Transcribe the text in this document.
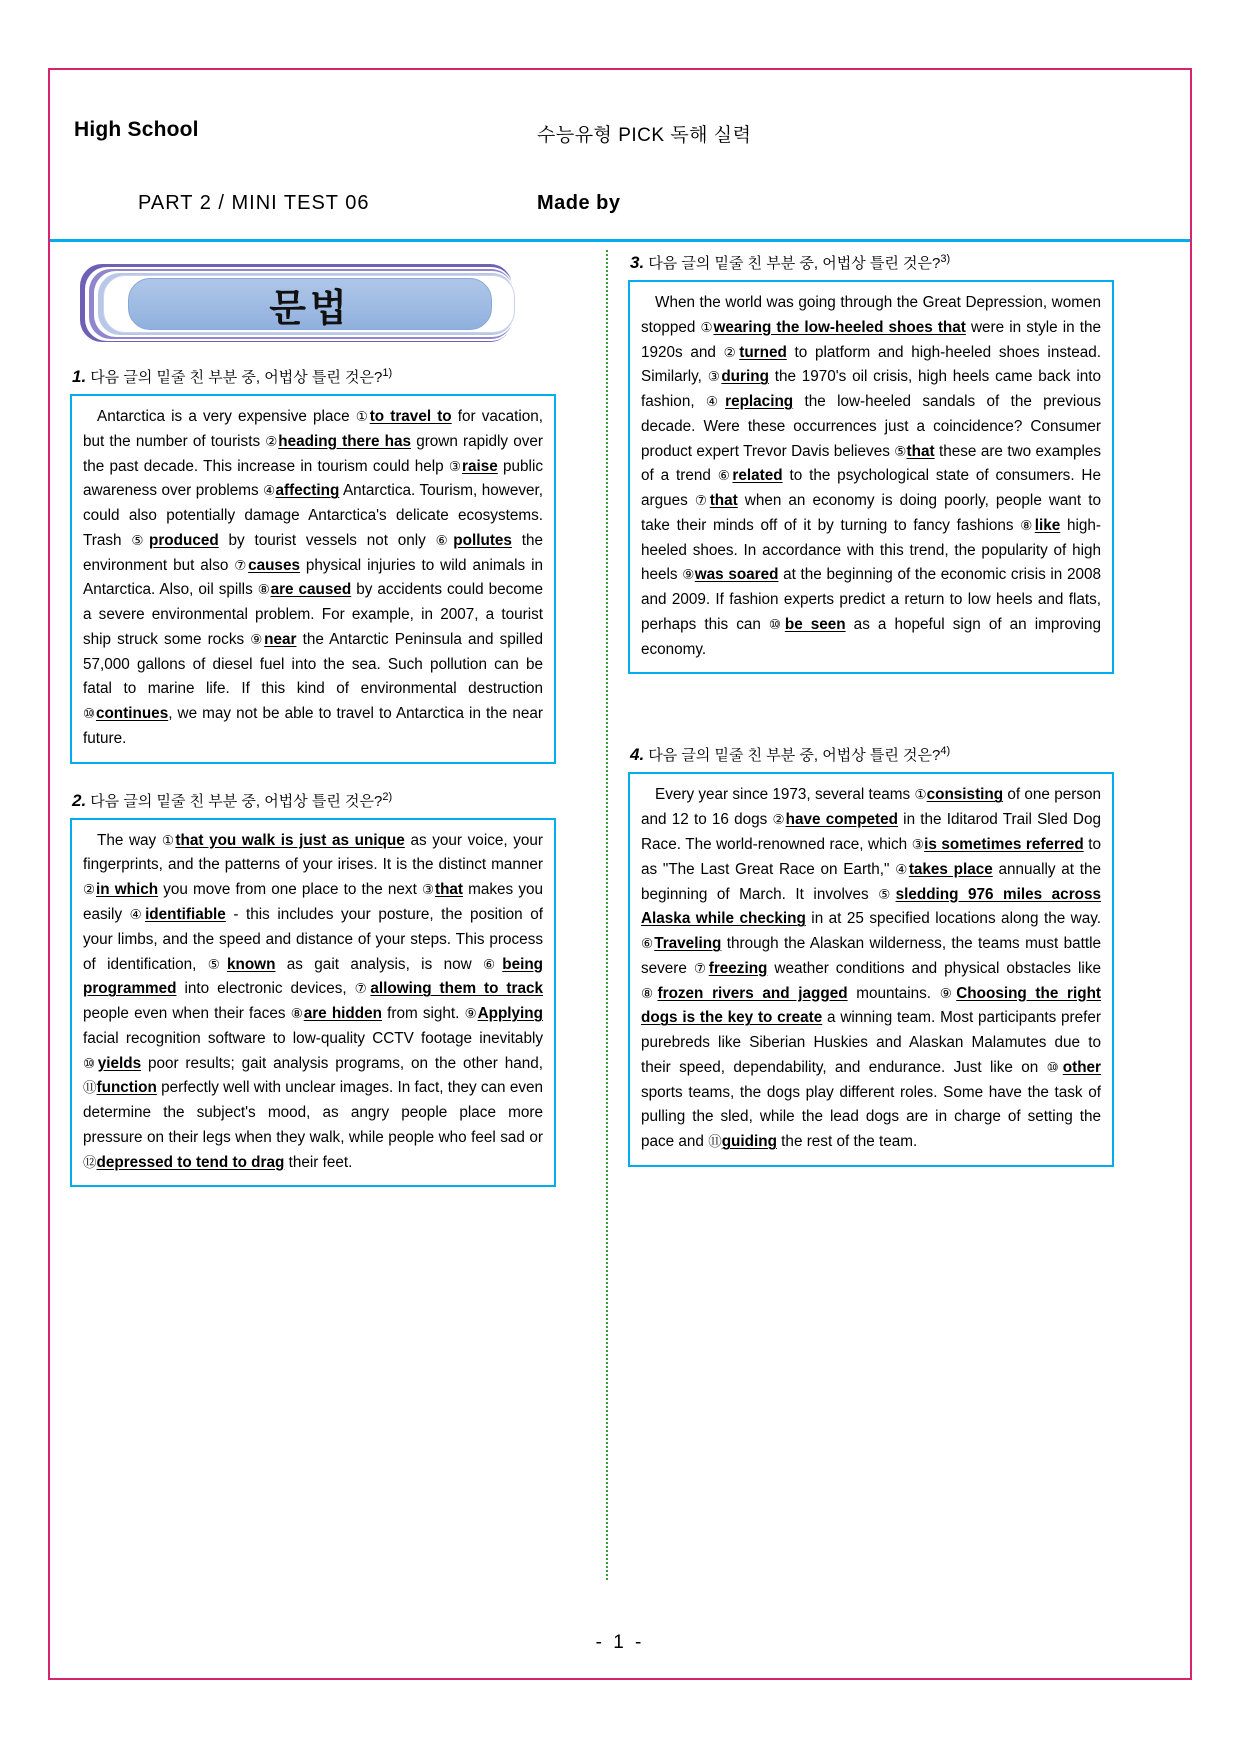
High School	수능유형 PICK 독해 실력
PART 2 / MINI TEST 06	Made by
문법
1. 다음 글의 밑줄 친 부분 중, 어법상 틀린 것은?$^{1)}$
Antarctica is a very expensive place ①to travel to for vacation, but the number of tourists ②heading there has grown rapidly over the past decade. This increase in tourism could help ③raise public awareness over problems ④affecting Antarctica. Tourism, however, could also potentially damage Antarctica's delicate ecosystems. Trash ⑤produced by tourist vessels not only ⑥pollutes the environment but also ⑦causes physical injuries to wild animals in Antarctica. Also, oil spills ⑧are caused by accidents could become a severe environmental problem. For example, in 2007, a tourist ship struck some rocks ⑨near the Antarctic Peninsula and spilled 57,000 gallons of diesel fuel into the sea. Such pollution can be fatal to marine life. If this kind of environmental destruction ⑩continues, we may not be able to travel to Antarctica in the near future.
2. 다음 글의 밑줄 친 부분 중, 어법상 틀린 것은?$^{2)}$
The way ①that you walk is just as unique as your voice, your fingerprints, and the patterns of your irises. It is the distinct manner ②in which you move from one place to the next ③that makes you easily ④identifiable - this includes your posture, the position of your limbs, and the speed and distance of your steps. This process of identification, ⑤known as gait analysis, is now ⑥being programmed into electronic devices, ⑦allowing them to track people even when their faces ⑧are hidden from sight. ⑨Applying facial recognition software to low-quality CCTV footage inevitably ⑩yields poor results; gait analysis programs, on the other hand, ⑪function perfectly well with unclear images. In fact, they can even determine the subject's mood, as angry people place more pressure on their legs when they walk, while people who feel sad or ⑫depressed to tend to drag their feet.
3. 다음 글의 밑줄 친 부분 중, 어법상 틀린 것은?$^{3)}$
When the world was going through the Great Depression, women stopped ①wearing the low-heeled shoes that were in style in the 1920s and ②turned to platform and high-heeled shoes instead. Similarly, ③during the 1970's oil crisis, high heels came back into fashion, ④replacing the low-heeled sandals of the previous decade. Were these occurrences just a coincidence? Consumer product expert Trevor Davis believes ⑤that these are two examples of a trend ⑥related to the psychological state of consumers. He argues ⑦that when an economy is doing poorly, people want to take their minds off of it by turning to fancy fashions ⑧like high-heeled shoes. In accordance with this trend, the popularity of high heels ⑨was soared at the beginning of the economic crisis in 2008 and 2009. If fashion experts predict a return to low heels and flats, perhaps this can ⑩be seen as a hopeful sign of an improving economy.
4. 다음 글의 밑줄 친 부분 중, 어법상 틀린 것은?$^{4)}$
Every year since 1973, several teams ①consisting of one person and 12 to 16 dogs ②have competed in the Iditarod Trail Sled Dog Race. The world-renowned race, which ③is sometimes referred to as "The Last Great Race on Earth," ④takes place annually at the beginning of March. It involves ⑤sledding 976 miles across Alaska while checking in at 25 specified locations along the way. ⑥Traveling through the Alaskan wilderness, the teams must battle severe ⑦freezing weather conditions and physical obstacles like ⑧frozen rivers and jagged mountains. ⑨Choosing the right dogs is the key to create a winning team. Most participants prefer purebreds like Siberian Huskies and Alaskan Malamutes due to their speed, dependability, and endurance. Just like on ⑩other sports teams, the dogs play different roles. Some have the task of pulling the sled, while the lead dogs are in charge of setting the pace and ⑪guiding the rest of the team.
- 1 -
